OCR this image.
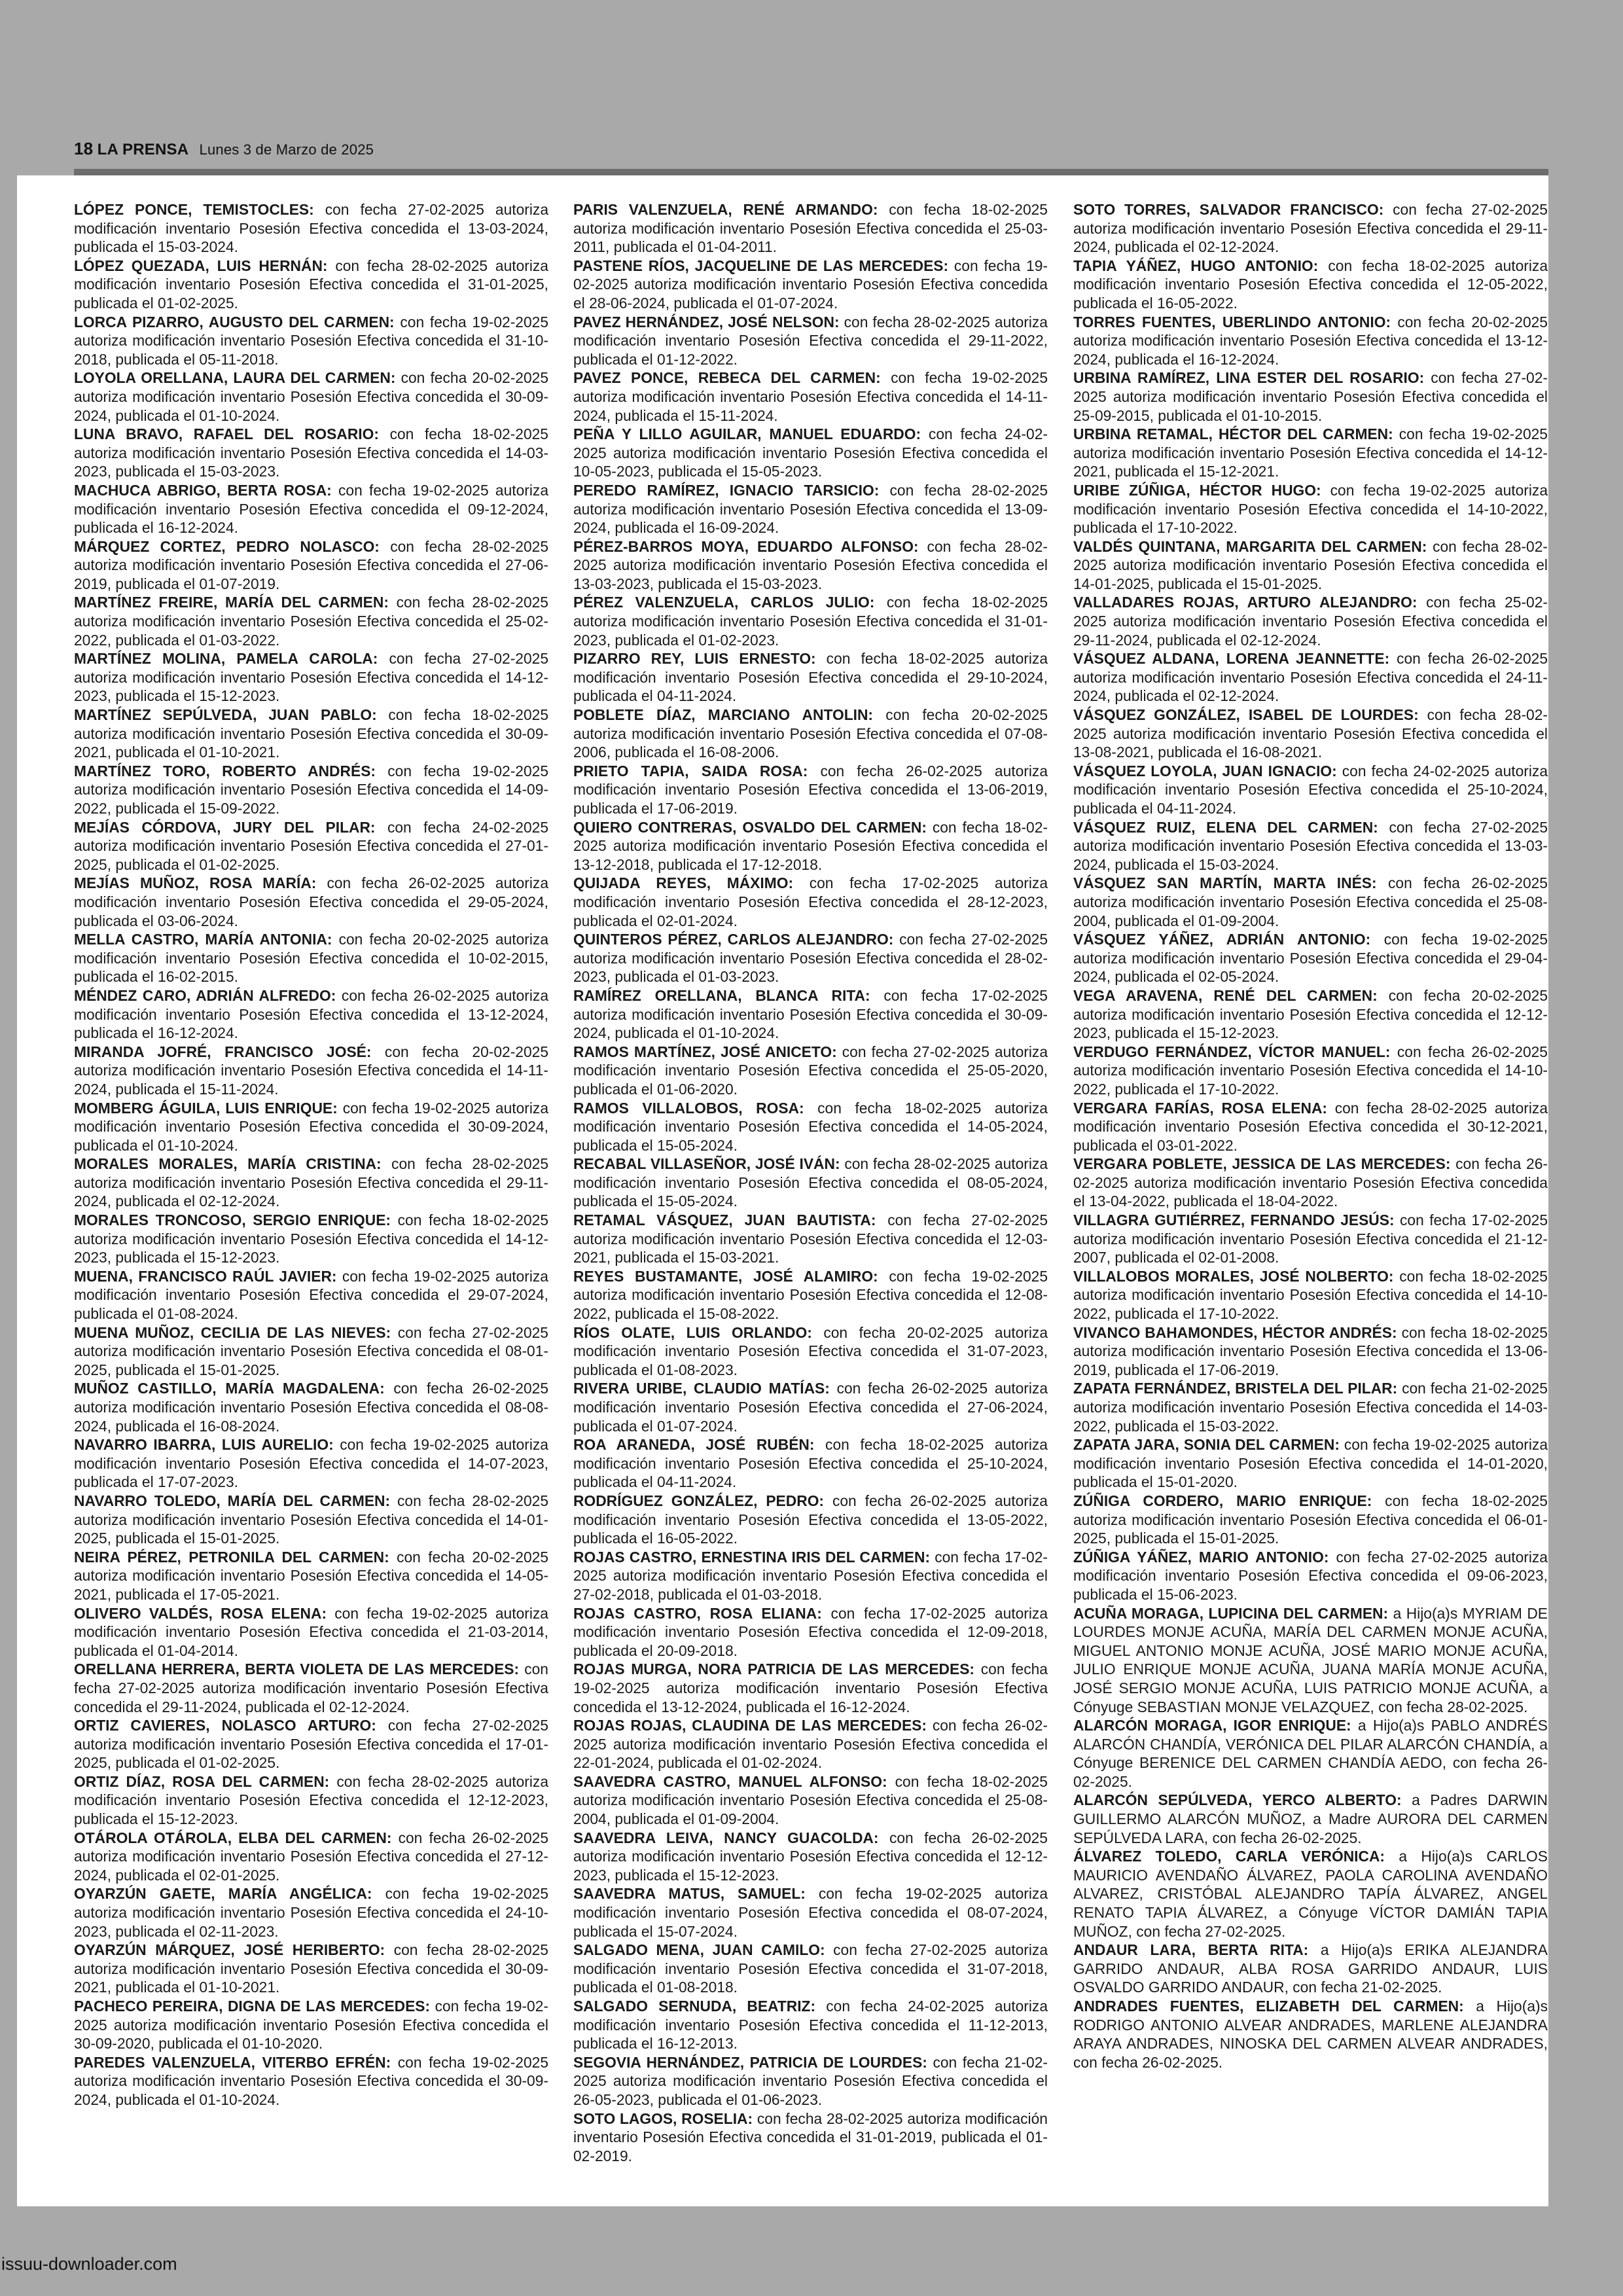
18 LA PRENSA Lunes 3 de Marzo de 2025

LÓPEZ PONCE, TEMISTOCLES: con fecha 27-02-2025 autoriza modificación inventario Posesión Efectiva concedida el 13-03-2024, publicada el 15-03-2024.

LÓPEZ QUEZADA, LUIS HERNÁN: con fecha 28-02-2025 autoriza modificación inventario Posesión Efectiva concedida el 31-01-2025, publicada el 01-02-2025.

LORCA PIZARRO, AUGUSTO DEL CARMEN: con fecha 19-02-2025 autoriza modificación inventario Posesión Efectiva concedida el 31-10-2018, publicada el 05-11-2018.

LOYOLA ORELLANA, LAURA DEL CARMEN: con fecha 20-02-2025 autoriza modificación inventario Posesión Efectiva concedida el 30-09-2024, publicada el 01-10-2024.

LUNA BRAVO, RAFAEL DEL ROSARIO: con fecha 18-02-2025 autoriza modificación inventario Posesión Efectiva concedida el 14-03-2023, publicada el 15-03-2023.

MACHUCA ABRIGO, BERTA ROSA: con fecha 19-02-2025 autoriza modificación inventario Posesión Efectiva concedida el 09-12-2024, publicada el 16-12-2024.

MÁRQUEZ CORTEZ, PEDRO NOLASCO: con fecha 28-02-2025 autoriza modificación inventario Posesión Efectiva concedida el 27-06-2019, publicada el 01-07-2019.

MARTÍNEZ FREIRE, MARÍA DEL CARMEN: con fecha 28-02-2025 autoriza modificación inventario Posesión Efectiva concedida el 25-02-2022, publicada el 01-03-2022.

MARTÍNEZ MOLINA, PAMELA CAROLA: con fecha 27-02-2025 autoriza modificación inventario Posesión Efectiva concedida el 14-12-2023, publicada el 15-12-2023.

MARTÍNEZ SEPÚLVEDA, JUAN PABLO: con fecha 18-02-2025 autoriza modificación inventario Posesión Efectiva concedida el 30-09-2021, publicada el 01-10-2021.

MARTÍNEZ TORO, ROBERTO ANDRÉS: con fecha 19-02-2025 autoriza modificación inventario Posesión Efectiva concedida el 14-09-2022, publicada el 15-09-2022.

MEJÍAS CÓRDOVA, JURY DEL PILAR: con fecha 24-02-2025 autoriza modificación inventario Posesión Efectiva concedida el 27-01-2025, publicada el 01-02-2025.

MEJÍAS MUÑOZ, ROSA MARÍA: con fecha 26-02-2025 autoriza modificación inventario Posesión Efectiva concedida el 29-05-2024, publicada el 03-06-2024.

MELLA CASTRO, MARÍA ANTONIA: con fecha 20-02-2025 autoriza modificación inventario Posesión Efectiva concedida el 10-02-2015, publicada el 16-02-2015.

MÉNDEZ CARO, ADRIÁN ALFREDO: con fecha 26-02-2025 autoriza modificación inventario Posesión Efectiva concedida el 13-12-2024, publicada el 16-12-2024.

MIRANDA JOFRÉ, FRANCISCO JOSÉ: con fecha 20-02-2025 autoriza modificación inventario Posesión Efectiva concedida el 14-11-2024, publicada el 15-11-2024.

MOMBERG ÁGUILA, LUIS ENRIQUE: con fecha 19-02-2025 autoriza modificación inventario Posesión Efectiva concedida el 30-09-2024, publicada el 01-10-2024.

MORALES MORALES, MARÍA CRISTINA: con fecha 28-02-2025 autoriza modificación inventario Posesión Efectiva concedida el 29-11-2024, publicada el 02-12-2024.

MORALES TRONCOSO, SERGIO ENRIQUE: con fecha 18-02-2025 autoriza modificación inventario Posesión Efectiva concedida el 14-12-2023, publicada el 15-12-2023.

MUENA, FRANCISCO RAÚL JAVIER: con fecha 19-02-2025 autoriza modificación inventario Posesión Efectiva concedida el 29-07-2024, publicada el 01-08-2024.

MUENA MUÑOZ, CECILIA DE LAS NIEVES: con fecha 27-02-2025 autoriza modificación inventario Posesión Efectiva concedida el 08-01-2025, publicada el 15-01-2025.

MUÑOZ CASTILLO, MARÍA MAGDALENA: con fecha 26-02-2025 autoriza modificación inventario Posesión Efectiva concedida el 08-08-2024, publicada el 16-08-2024.

NAVARRO IBARRA, LUIS AURELIO: con fecha 19-02-2025 autoriza modificación inventario Posesión Efectiva concedida el 14-07-2023, publicada el 17-07-2023.

NAVARRO TOLEDO, MARÍA DEL CARMEN: con fecha 28-02-2025 autoriza modificación inventario Posesión Efectiva concedida el 14-01-2025, publicada el 15-01-2025.

NEIRA PÉREZ, PETRONILA DEL CARMEN: con fecha 20-02-2025 autoriza modificación inventario Posesión Efectiva concedida el 14-05-2021, publicada el 17-05-2021.

OLIVERO VALDÉS, ROSA ELENA: con fecha 19-02-2025 autoriza modificación inventario Posesión Efectiva concedida el 21-03-2014, publicada el 01-04-2014.

ORELLANA HERRERA, BERTA VIOLETA DE LAS MERCEDES: con fecha 27-02-2025 autoriza modificación inventario Posesión Efectiva concedida el 29-11-2024, publicada el 02-12-2024.

ORTIZ CAVIERES, NOLASCO ARTURO: con fecha 27-02-2025 autoriza modificación inventario Posesión Efectiva concedida el 17-01-2025, publicada el 01-02-2025.

ORTIZ DÍAZ, ROSA DEL CARMEN: con fecha 28-02-2025 autoriza modificación inventario Posesión Efectiva concedida el 12-12-2023, publicada el 15-12-2023.

OTÁROLA OTÁROLA, ELBA DEL CARMEN: con fecha 26-02-2025 autoriza modificación inventario Posesión Efectiva concedida el 27-12-2024, publicada el 02-01-2025.

OYARZÚN GAETE, MARÍA ANGÉLICA: con fecha 19-02-2025 autoriza modificación inventario Posesión Efectiva concedida el 24-10-2023, publicada el 02-11-2023.

OYARZÚN MÁRQUEZ, JOSÉ HERIBERTO: con fecha 28-02-2025 autoriza modificación inventario Posesión Efectiva concedida el 30-09-2021, publicada el 01-10-2021.

PACHECO PEREIRA, DIGNA DE LAS MERCEDES: con fecha 19-02-2025 autoriza modificación inventario Posesión Efectiva concedida el 30-09-2020, publicada el 01-10-2020.

PAREDES VALENZUELA, VITERBO EFRÉN: con fecha 19-02-2025 autoriza modificación inventario Posesión Efectiva concedida el 30-09-2024, publicada el 01-10-2024.

PARIS VALENZUELA, RENÉ ARMANDO: con fecha 18-02-2025 autoriza modificación inventario Posesión Efectiva concedida el 25-03-2011, publicada el 01-04-2011.

PASTENE RÍOS, JACQUELINE DE LAS MERCEDES: con fecha 19-02-2025 autoriza modificación inventario Posesión Efectiva concedida el 28-06-2024, publicada el 01-07-2024.

PAVEZ HERNÁNDEZ, JOSÉ NELSON: con fecha 28-02-2025 autoriza modificación inventario Posesión Efectiva concedida el 29-11-2022, publicada el 01-12-2022.

PAVEZ PONCE, REBECA DEL CARMEN: con fecha 19-02-2025 autoriza modificación inventario Posesión Efectiva concedida el 14-11-2024, publicada el 15-11-2024.

PEÑA Y LILLO AGUILAR, MANUEL EDUARDO: con fecha 24-02-2025 autoriza modificación inventario Posesión Efectiva concedida el 10-05-2023, publicada el 15-05-2023.

PEREDO RAMÍREZ, IGNACIO TARSICIO: con fecha 28-02-2025 autoriza modificación inventario Posesión Efectiva concedida el 13-09-2024, publicada el 16-09-2024.

PÉREZ-BARROS MOYA, EDUARDO ALFONSO: con fecha 28-02-2025 autoriza modificación inventario Posesión Efectiva concedida el 13-03-2023, publicada el 15-03-2023.

PÉREZ VALENZUELA, CARLOS JULIO: con fecha 18-02-2025 autoriza modificación inventario Posesión Efectiva concedida el 31-01-2023, publicada el 01-02-2023.

PIZARRO REY, LUIS ERNESTO: con fecha 18-02-2025 autoriza modificación inventario Posesión Efectiva concedida el 29-10-2024, publicada el 04-11-2024.

POBLETE DÍAZ, MARCIANO ANTOLIN: con fecha 20-02-2025 autoriza modificación inventario Posesión Efectiva concedida el 07-08-2006, publicada el 16-08-2006.

PRIETO TAPIA, SAIDA ROSA: con fecha 26-02-2025 autoriza modificación inventario Posesión Efectiva concedida el 13-06-2019, publicada el 17-06-2019.

QUIERO CONTRERAS, OSVALDO DEL CARMEN: con fecha 18-02-2025 autoriza modificación inventario Posesión Efectiva concedida el 13-12-2018, publicada el 17-12-2018.

QUIJADA REYES, MÁXIMO: con fecha 17-02-2025 autoriza modificación inventario Posesión Efectiva concedida el 28-12-2023, publicada el 02-01-2024.

QUINTEROS PÉREZ, CARLOS ALEJANDRO: con fecha 27-02-2025 autoriza modificación inventario Posesión Efectiva concedida el 28-02-2023, publicada el 01-03-2023.

RAMÍREZ ORELLANA, BLANCA RITA: con fecha 17-02-2025 autoriza modificación inventario Posesión Efectiva concedida el 30-09-2024, publicada el 01-10-2024.

RAMOS MARTÍNEZ, JOSÉ ANICETO: con fecha 27-02-2025 autoriza modificación inventario Posesión Efectiva concedida el 25-05-2020, publicada el 01-06-2020.

RAMOS VILLALOBOS, ROSA: con fecha 18-02-2025 autoriza modificación inventario Posesión Efectiva concedida el 14-05-2024, publicada el 15-05-2024.

RECABAL VILLASEÑOR, JOSÉ IVÁN: con fecha 28-02-2025 autoriza modificación inventario Posesión Efectiva concedida el 08-05-2024, publicada el 15-05-2024.

RETAMAL VÁSQUEZ, JUAN BAUTISTA: con fecha 27-02-2025 autoriza modificación inventario Posesión Efectiva concedida el 12-03-2021, publicada el 15-03-2021.

REYES BUSTAMANTE, JOSÉ ALAMIRO: con fecha 19-02-2025 autoriza modificación inventario Posesión Efectiva concedida el 12-08-2022, publicada el 15-08-2022.

RÍOS OLATE, LUIS ORLANDO: con fecha 20-02-2025 autoriza modificación inventario Posesión Efectiva concedida el 31-07-2023, publicada el 01-08-2023.

RIVERA URIBE, CLAUDIO MATÍAS: con fecha 26-02-2025 autoriza modificación inventario Posesión Efectiva concedida el 27-06-2024, publicada el 01-07-2024.

ROA ARANEDA, JOSÉ RUBÉN: con fecha 18-02-2025 autoriza modificación inventario Posesión Efectiva concedida el 25-10-2024, publicada el 04-11-2024.

RODRÍGUEZ GONZÁLEZ, PEDRO: con fecha 26-02-2025 autoriza modificación inventario Posesión Efectiva concedida el 13-05-2022, publicada el 16-05-2022.

ROJAS CASTRO, ERNESTINA IRIS DEL CARMEN: con fecha 17-02-2025 autoriza modificación inventario Posesión Efectiva concedida el 27-02-2018, publicada el 01-03-2018.

ROJAS CASTRO, ROSA ELIANA: con fecha 17-02-2025 autoriza modificación inventario Posesión Efectiva concedida el 12-09-2018, publicada el 20-09-2018.

ROJAS MURGA, NORA PATRICIA DE LAS MERCEDES: con fecha 19-02-2025 autoriza modificación inventario Posesión Efectiva concedida el 13-12-2024, publicada el 16-12-2024.

ROJAS ROJAS, CLAUDINA DE LAS MERCEDES: con fecha 26-02-2025 autoriza modificación inventario Posesión Efectiva concedida el 22-01-2024, publicada el 01-02-2024.

SAAVEDRA CASTRO, MANUEL ALFONSO: con fecha 18-02-2025 autoriza modificación inventario Posesión Efectiva concedida el 25-08-2004, publicada el 01-09-2004.

SAAVEDRA LEIVA, NANCY GUACOLDA: con fecha 26-02-2025 autoriza modificación inventario Posesión Efectiva concedida el 12-12-2023, publicada el 15-12-2023.

SAAVEDRA MATUS, SAMUEL: con fecha 19-02-2025 autoriza modificación inventario Posesión Efectiva concedida el 08-07-2024, publicada el 15-07-2024.

SALGADO MENA, JUAN CAMILO: con fecha 27-02-2025 autoriza modificación inventario Posesión Efectiva concedida el 31-07-2018, publicada el 01-08-2018.

SALGADO SERNUDA, BEATRIZ: con fecha 24-02-2025 autoriza modificación inventario Posesión Efectiva concedida el 11-12-2013, publicada el 16-12-2013.

SEGOVIA HERNÁNDEZ, PATRICIA DE LOURDES: con fecha 21-02-2025 autoriza modificación inventario Posesión Efectiva concedida el 26-05-2023, publicada el 01-06-2023.

SOTO LAGOS, ROSELIA: con fecha 28-02-2025 autoriza modificación inventario Posesión Efectiva concedida el 31-01-2019, publicada el 01-02-2019.

SOTO TORRES, SALVADOR FRANCISCO: con fecha 27-02-2025 autoriza modificación inventario Posesión Efectiva concedida el 29-11-2024, publicada el 02-12-2024.

TAPIA YÁÑEZ, HUGO ANTONIO: con fecha 18-02-2025 autoriza modificación inventario Posesión Efectiva concedida el 12-05-2022, publicada el 16-05-2022.

TORRES FUENTES, UBERLINDO ANTONIO: con fecha 20-02-2025 autoriza modificación inventario Posesión Efectiva concedida el 13-12-2024, publicada el 16-12-2024.

URBINA RAMÍREZ, LINA ESTER DEL ROSARIO: con fecha 27-02-2025 autoriza modificación inventario Posesión Efectiva concedida el 25-09-2015, publicada el 01-10-2015.

URBINA RETAMAL, HÉCTOR DEL CARMEN: con fecha 19-02-2025 autoriza modificación inventario Posesión Efectiva concedida el 14-12-2021, publicada el 15-12-2021.

URIBE ZÚÑIGA, HÉCTOR HUGO: con fecha 19-02-2025 autoriza modificación inventario Posesión Efectiva concedida el 14-10-2022, publicada el 17-10-2022.

VALDÉS QUINTANA, MARGARITA DEL CARMEN: con fecha 28-02-2025 autoriza modificación inventario Posesión Efectiva concedida el 14-01-2025, publicada el 15-01-2025.

VALLADARES ROJAS, ARTURO ALEJANDRO: con fecha 25-02-2025 autoriza modificación inventario Posesión Efectiva concedida el 29-11-2024, publicada el 02-12-2024.

VÁSQUEZ ALDANA, LORENA JEANNETTE: con fecha 26-02-2025 autoriza modificación inventario Posesión Efectiva concedida el 24-11-2024, publicada el 02-12-2024.

VÁSQUEZ GONZÁLEZ, ISABEL DE LOURDES: con fecha 28-02-2025 autoriza modificación inventario Posesión Efectiva concedida el 13-08-2021, publicada el 16-08-2021.

VÁSQUEZ LOYOLA, JUAN IGNACIO: con fecha 24-02-2025 autoriza modificación inventario Posesión Efectiva concedida el 25-10-2024, publicada el 04-11-2024.

VÁSQUEZ RUIZ, ELENA DEL CARMEN: con fecha 27-02-2025 autoriza modificación inventario Posesión Efectiva concedida el 13-03-2024, publicada el 15-03-2024.

VÁSQUEZ SAN MARTÍN, MARTA INÉS: con fecha 26-02-2025 autoriza modificación inventario Posesión Efectiva concedida el 25-08-2004, publicada el 01-09-2004.

VÁSQUEZ YÁÑEZ, ADRIÁN ANTONIO: con fecha 19-02-2025 autoriza modificación inventario Posesión Efectiva concedida el 29-04-2024, publicada el 02-05-2024.

VEGA ARAVENA, RENÉ DEL CARMEN: con fecha 20-02-2025 autoriza modificación inventario Posesión Efectiva concedida el 12-12-2023, publicada el 15-12-2023.

VERDUGO FERNÁNDEZ, VÍCTOR MANUEL: con fecha 26-02-2025 autoriza modificación inventario Posesión Efectiva concedida el 14-10-2022, publicada el 17-10-2022.

VERGARA FARÍAS, ROSA ELENA: con fecha 28-02-2025 autoriza modificación inventario Posesión Efectiva concedida el 30-12-2021, publicada el 03-01-2022.

VERGARA POBLETE, JESSICA DE LAS MERCEDES: con fecha 26-02-2025 autoriza modificación inventario Posesión Efectiva concedida el 13-04-2022, publicada el 18-04-2022.

VILLAGRA GUTIÉRREZ, FERNANDO JESÚS: con fecha 17-02-2025 autoriza modificación inventario Posesión Efectiva concedida el 21-12-2007, publicada el 02-01-2008.

VILLALOBOS MORALES, JOSÉ NOLBERTO: con fecha 18-02-2025 autoriza modificación inventario Posesión Efectiva concedida el 14-10-2022, publicada el 17-10-2022.

VIVANCO BAHAMONDES, HÉCTOR ANDRÉS: con fecha 18-02-2025 autoriza modificación inventario Posesión Efectiva concedida el 13-06-2019, publicada el 17-06-2019.

ZAPATA FERNÁNDEZ, BRISTELA DEL PILAR: con fecha 21-02-2025 autoriza modificación inventario Posesión Efectiva concedida el 14-03-2022, publicada el 15-03-2022.

ZAPATA JARA, SONIA DEL CARMEN: con fecha 19-02-2025 autoriza modificación inventario Posesión Efectiva concedida el 14-01-2020, publicada el 15-01-2020.

ZÚÑIGA CORDERO, MARIO ENRIQUE: con fecha 18-02-2025 autoriza modificación inventario Posesión Efectiva concedida el 06-01-2025, publicada el 15-01-2025.

ZÚÑIGA YÁÑEZ, MARIO ANTONIO: con fecha 27-02-2025 autoriza modificación inventario Posesión Efectiva concedida el 09-06-2023, publicada el 15-06-2023.

ACUÑA MORAGA, LUPICINA DEL CARMEN: a Hijo(a)s MYRIAM DE LOURDES MONJE ACUÑA, MARÍA DEL CARMEN MONJE ACUÑA, MIGUEL ANTONIO MONJE ACUÑA, JOSÉ MARIO MONJE ACUÑA, JULIO ENRIQUE MONJE ACUÑA, JUANA MARÍA MONJE ACUÑA, JOSÉ SERGIO MONJE ACUÑA, LUIS PATRICIO MONJE ACUÑA, a Cónyuge SEBASTIAN MONJE VELAZQUEZ, con fecha 28-02-2025.

ALARCÓN MORAGA, IGOR ENRIQUE: a Hijo(a)s PABLO ANDRÉS ALARCÓN CHANDÍA, VERÓNICA DEL PILAR ALARCÓN CHANDÍA, a Cónyuge BERENICE DEL CARMEN CHANDÍA AEDO, con fecha 26-02-2025.

ALARCÓN SEPÚLVEDA, YERCO ALBERTO: a Padres DARWIN GUILLERMO ALARCÓN MUÑOZ, a Madre AURORA DEL CARMEN SEPÚLVEDA LARA, con fecha 26-02-2025.

ÁLVAREZ TOLEDO, CARLA VERÓNICA: a Hijo(a)s CARLOS MAURICIO AVENDAÑO ÁLVAREZ, PAOLA CAROLINA AVENDAÑO ALVAREZ, CRISTÓBAL ALEJANDRO TAPÍA ÁLVAREZ, ANGEL RENATO TAPIA ÁLVAREZ, a Cónyuge VÍCTOR DAMIÁN TAPIA MUÑOZ, con fecha 27-02-2025.

ANDAUR LARA, BERTA RITA: a Hijo(a)s ERIKA ALEJANDRA GARRIDO ANDAUR, ALBA ROSA GARRIDO ANDAUR, LUIS OSVALDO GARRIDO ANDAUR, con fecha 21-02-2025.

ANDRADES FUENTES, ELIZABETH DEL CARMEN: a Hijo(a)s RODRIGO ANTONIO ALVEAR ANDRADES, MARLENE ALEJANDRA ARAYA ANDRADES, NINOSKA DEL CARMEN ALVEAR ANDRADES, con fecha 26-02-2025.

issuu-downloader.com
